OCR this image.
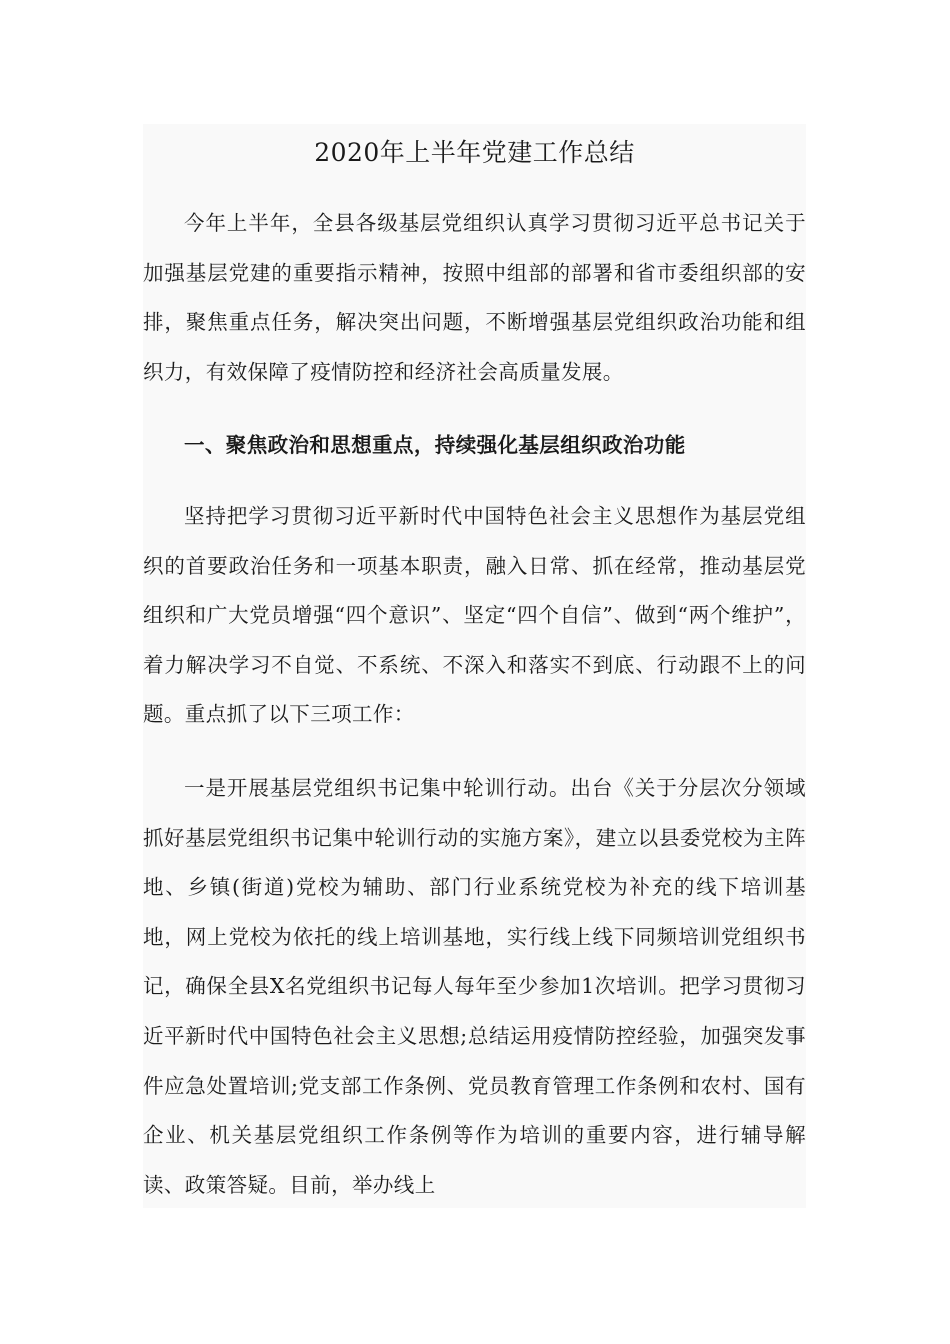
2020年上半年党建工作总结

今年上半年，全县各级基层党组织认真学习贯彻习近平总书记关于加强基层党建的重要指示精神，按照中组部的部署和省市委组织部的安排，聚焦重点任务，解决突出问题，不断增强基层党组织政治功能和组织力，有效保障了疫情防控和经济社会高质量发展。

一、聚焦政治和思想重点，持续强化基层组织政治功能

坚持把学习贯彻习近平新时代中国特色社会主义思想作为基层党组织的首要政治任务和一项基本职责，融入日常、抓在经常，推动基层党组织和广大党员增强“四个意识”、坚定“四个自信”、做到“两个维护”，着力解决学习不自觉、不系统、不深入和落实不到底、行动跟不上的问题。重点抓了以下三项工作：

一是开展基层党组织书记集中轮训行动。出台《关于分层次分领域抓好基层党组织书记集中轮训行动的实施方案》，建立以县委党校为主阵地、乡镇(街道)党校为辅助、部门行业系统党校为补充的线下培训基地，网上党校为依托的线上培训基地，实行线上线下同频培训党组织书记，确保全县X名党组织书记每人每年至少参加1次培训。把学习贯彻习近平新时代中国特色社会主义思想;总结运用疫情防控经验，加强突发事件应急处置培训;党支部工作条例、党员教育管理工作条例和农村、国有企业、机关基层党组织工作条例等作为培训的重要内容，进行辅导解读、政策答疑。目前，举办线上
